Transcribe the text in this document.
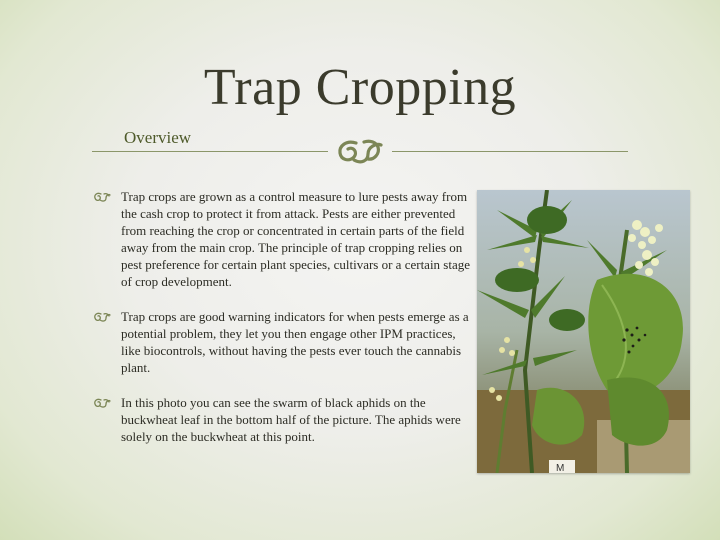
Trap Cropping
Overview
Trap crops are grown as a control measure to lure pests away from the cash crop to protect it from attack. Pests are either prevented from reaching the crop or concentrated in certain parts of the field away from the main crop. The principle of trap cropping relies on pest preference for certain plant species, cultivars or a certain stage of crop development.
Trap crops are good warning indicators for when pests emerge as a potential problem, they let you then engage other IPM practices, like biocontrols, without having the pests ever touch the cannabis plant.
In this photo you can see the swarm of black aphids on the buckwheat leaf in the bottom half of the picture. The aphids were solely on the buckwheat at this point.
M
